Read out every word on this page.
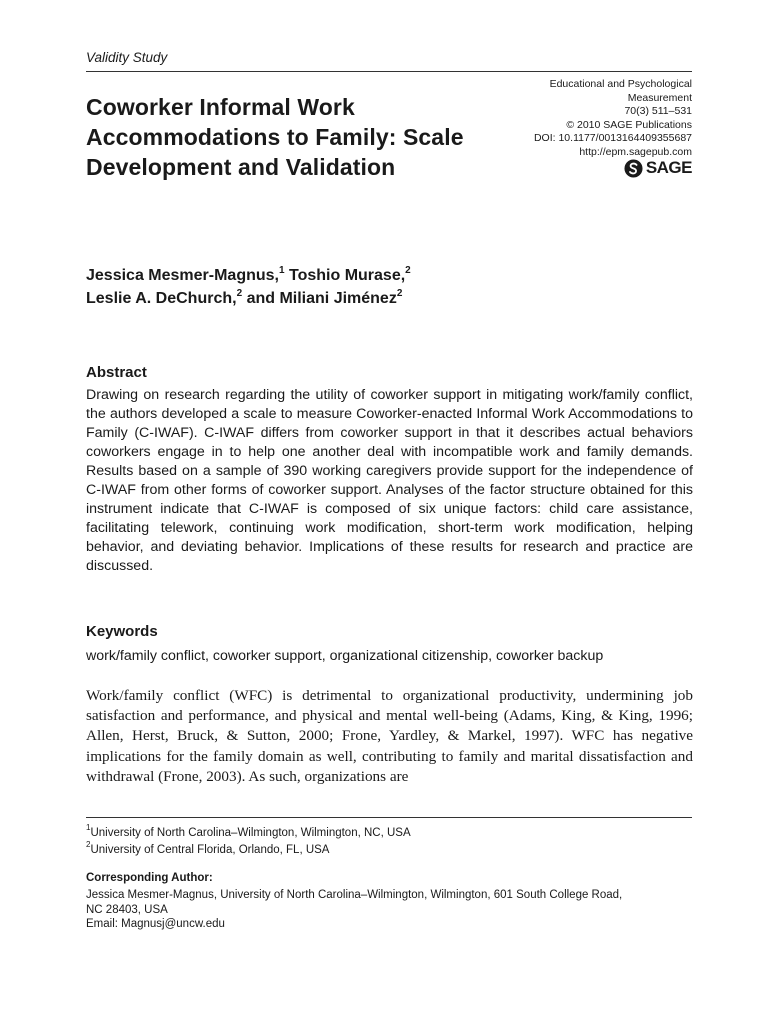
Validity Study
Coworker Informal Work Accommodations to Family: Scale Development and Validation
Educational and Psychological
Measurement
70(3) 511–531
© 2010 SAGE Publications
DOI: 10.1177/0013164409355687
http://epm.sagepub.com
SAGE
Jessica Mesmer-Magnus,$^1$ Toshio Murase,$^2$
Leslie A. DeChurch,$^2$ and Miliani Jiménez$^2$
Abstract
Drawing on research regarding the utility of coworker support in mitigating work/family conflict, the authors developed a scale to measure Coworker-enacted Informal Work Accommodations to Family (C-IWAF). C-IWAF differs from coworker support in that it describes actual behaviors coworkers engage in to help one another deal with incompatible work and family demands. Results based on a sample of 390 working caregivers provide support for the independence of C-IWAF from other forms of coworker support. Analyses of the factor structure obtained for this instrument indicate that C-IWAF is composed of six unique factors: child care assistance, facilitating telework, continuing work modification, short-term work modification, helping behavior, and deviating behavior. Implications of these results for research and practice are discussed.
Keywords
work/family conflict, coworker support, organizational citizenship, coworker backup
Work/family conflict (WFC) is detrimental to organizational productivity, undermining job satisfaction and performance, and physical and mental well-being (Adams, King, & King, 1996; Allen, Herst, Bruck, & Sutton, 2000; Frone, Yardley, & Markel, 1997). WFC has negative implications for the family domain as well, contributing to family and marital dissatisfaction and withdrawal (Frone, 2003). As such, organizations are
$^1$University of North Carolina–Wilmington, Wilmington, NC, USA
$^2$University of Central Florida, Orlando, FL, USA
Corresponding Author:
Jessica Mesmer-Magnus, University of North Carolina–Wilmington, Wilmington, 601 South College Road,
NC 28403, USA
Email: Magnusj@uncw.edu
